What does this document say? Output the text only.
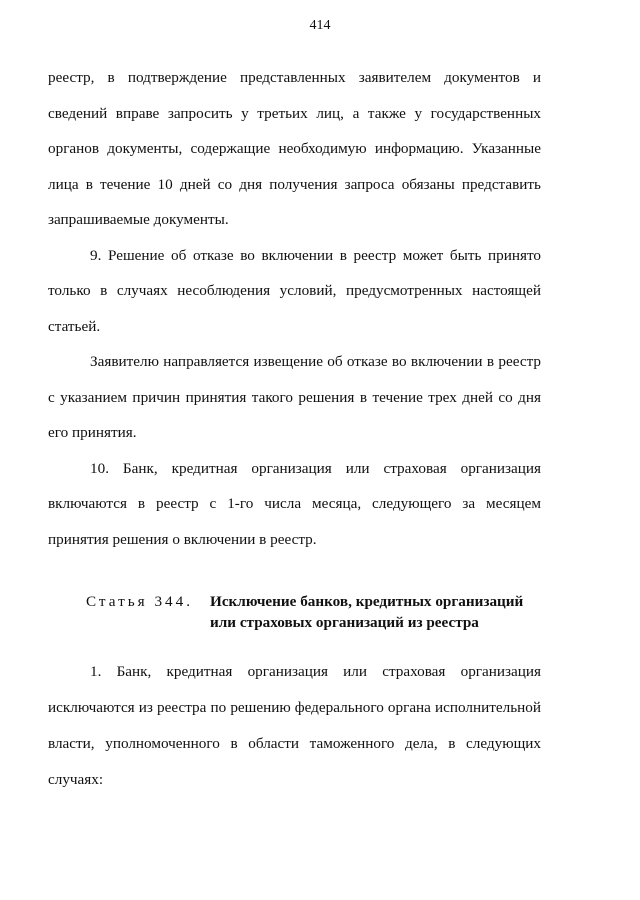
414

реестр, в подтверждение представленных заявителем документов и сведений вправе запросить у третьих лиц, а также у государственных органов документы, содержащие необходимую информацию. Указанные лица в течение 10 дней со дня получения запроса обязаны представить запрашиваемые документы.

9. Решение об отказе во включении в реестр может быть принято только в случаях несоблюдения условий, предусмотренных настоящей статьей.

Заявителю направляется извещение об отказе во включении в реестр с указанием причин принятия такого решения в течение трех дней со дня его принятия.

10. Банк, кредитная организация или страховая организация включаются в реестр с 1-го числа месяца, следующего за месяцем принятия решения о включении в реестр.

Статья 344. Исключение банков, кредитных организаций
или страховых организаций из реестра

1. Банк, кредитная организация или страховая организация исключаются из реестра по решению федерального органа исполнительной власти, уполномоченного в области таможенного дела, в следующих случаях:
